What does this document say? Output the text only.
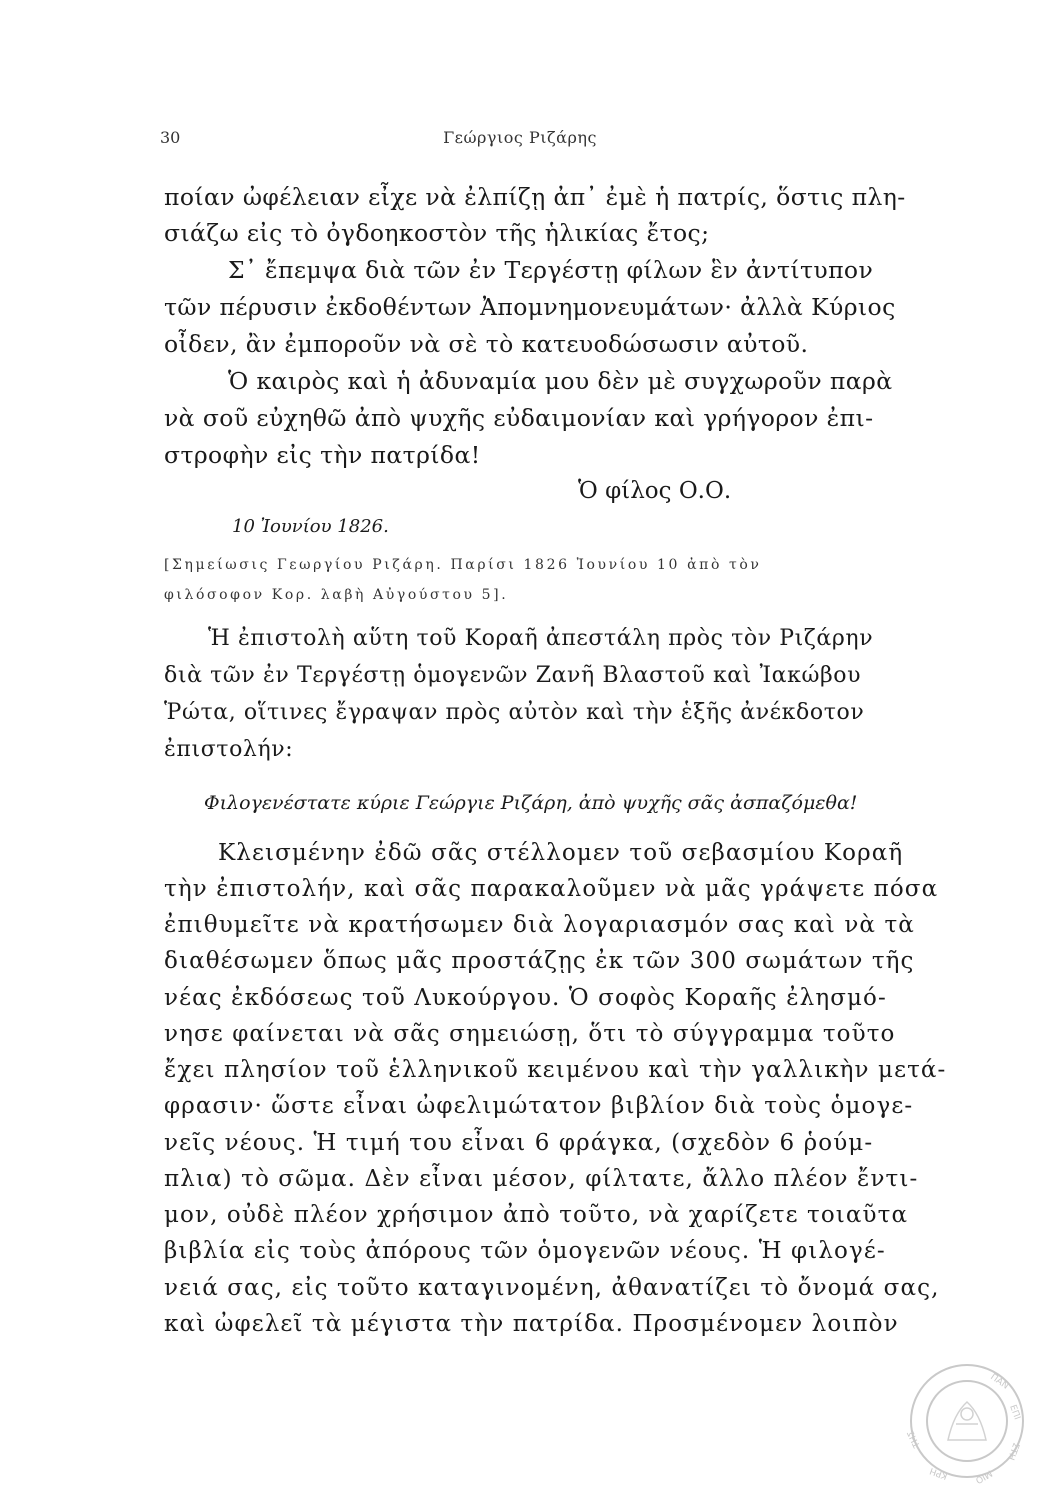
30	Γεώργιος Ριζάρης
ποίαν ὠφέλειαν εἶχε νὰ ἐλπίζῃ ἀπ᾽ ἐμὲ ἡ πατρίς, ὅστις πλη-
σιάζω εἰς τὸ ὀγδοηκοστὸν τῆς ἡλικίας ἔτος;
Σ᾽ ἔπεμψα διὰ τῶν ἐν Τεργέστῃ φίλων ἓν ἀντίτυπον
τῶν πέρυσιν ἐκδοθέντων Ἀπομνημονευμάτων· ἀλλὰ Κύριος
οἶδεν, ἂν ἐμποροῦν νὰ σὲ τὸ κατευοδώσωσιν αὐτοῦ.
Ὁ καιρὸς καὶ ἡ ἀδυναμία μου δὲν μὲ συγχωροῦν παρὰ
νὰ σοῦ εὐχηθῶ ἀπὸ ψυχῆς εὐδαιμονίαν καὶ γρήγορον ἐπι-
στροφὴν εἰς τὴν πατρίδα!
Ὁ φίλος Ο.Ο.
10 Ἰουνίου 1826.
[Σημείωσις Γεωργίου Ριζάρη. Παρίσι 1826 Ἰουνίου 10 ἀπὸ τὸν
φιλόσοφον Κορ. λαβὴ Αὐγούστου 5].
Ἡ ἐπιστολὴ αὕτη τοῦ Κοραῆ ἀπεστάλη πρὸς τὸν Ριζάρην
διὰ τῶν ἐν Τεργέστῃ ὁμογενῶν Ζανῆ Βλαστοῦ καὶ Ἰακώβου
Ῥώτα, οἵτινες ἔγραψαν πρὸς αὐτὸν καὶ τὴν ἑξῆς ἀνέκδοτον
ἐπιστολήν:
Φιλογενέστατε κύριε Γεώργιε Ριζάρη, ἀπὸ ψυχῆς σᾶς ἀσπαζόμεθα!
Κλεισμένην ἐδῶ σᾶς στέλλομεν τοῦ σεβασμίου Κοραῆ
τὴν ἐπιστολήν, καὶ σᾶς παρακαλοῦμεν νὰ μᾶς γράψετε πόσα
ἐπιθυμεῖτε νὰ κρατήσωμεν διὰ λογαριασμόν σας καὶ νὰ τὰ
διαθέσωμεν ὅπως μᾶς προστάζῃς ἐκ τῶν 300 σωμάτων τῆς
νέας ἐκδόσεως τοῦ Λυκούργου. Ὁ σοφὸς Κοραῆς ἐλησμό-
νησε φαίνεται νὰ σᾶς σημειώσῃ, ὅτι τὸ σύγγραμμα τοῦτο
ἔχει πλησίον τοῦ ἑλληνικοῦ κειμένου καὶ τὴν γαλλικὴν μετά-
φρασιν· ὥστε εἶναι ὠφελιμώτατον βιβλίον διὰ τοὺς ὁμογε-
νεῖς νέους. Ἡ τιμή του εἶναι 6 φράγκα, (σχεδὸν 6 ῥούμ-
πλια) τὸ σῶμα. Δὲν εἶναι μέσον, φίλτατε, ἄλλο πλέον ἔντι-
μον, οὐδὲ πλέον χρήσιμον ἀπὸ τοῦτο, νὰ χαρίζετε τοιαῦτα
βιβλία εἰς τοὺς ἀπόρους τῶν ὁμογενῶν νέους. Ἡ φιλογέ-
νειά σας, εἰς τοῦτο καταγινομένη, ἀθανατίζει τὸ ὄνομά σας,
καὶ ὠφελεῖ τὰ μέγιστα τὴν πατρίδα. Προσμένομεν λοιπὸν
ΠΑΝ
ΕΠΙ
ΣΤΗ
ΜΙΟ
ΚΡΗ
ΤΗΣ
